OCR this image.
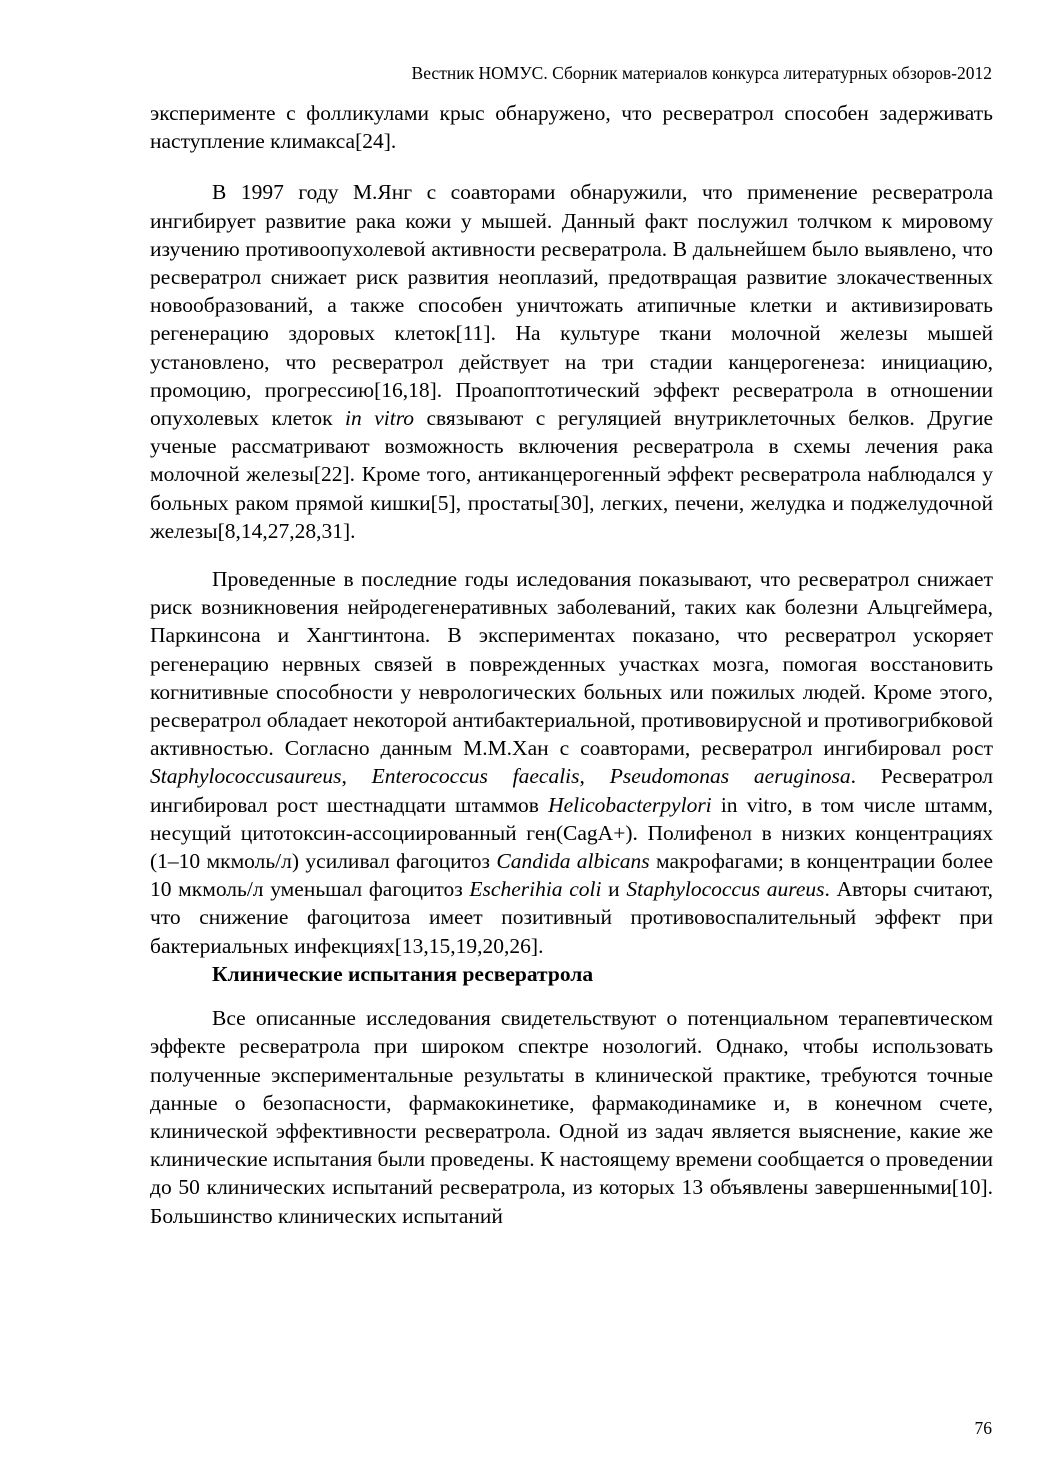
Вестник НОМУС. Сборник материалов конкурса литературных обзоров-2012

эксперименте с фолликулами крыс обнаружено, что ресвератрол способен задерживать наступление климакса[24].

В 1997 году М.Янг с соавторами обнаружили, что применение ресвератрола ингибирует развитие рака кожи у мышей. Данный факт послужил толчком к мировому изучению противоопухолевой активности ресвератрола. В дальнейшем было выявлено, что ресвератрол снижает риск развития неоплазий, предотвращая развитие злокачественных новообразований, а также способен уничтожать атипичные клетки и активизировать регенерацию здоровых клеток[11]. На культуре ткани молочной железы мышей установлено, что ресвератрол действует на три стадии канцерогенеза: инициацию, промоцию, прогрессию[16,18]. Проапоптотический эффект ресвератрола в отношении опухолевых клеток in vitro связывают с регуляцией внутриклеточных белков. Другие ученые рассматривают возможность включения ресвератрола в схемы лечения рака молочной железы[22]. Кроме того, антиканцерогенный эффект ресвератрола наблюдался у больных раком прямой кишки[5], простаты[30], легких, печени, желудка и поджелудочной железы[8,14,27,28,31].

Проведенные в последние годы иследования показывают, что ресвератрол снижает риск возникновения нейродегенеративных заболеваний, таких как болезни Альцгеймера, Паркинсона и Хангтинтона. В экспериментах показано, что ресвератрол ускоряет регенерацию нервных связей в поврежденных участках мозга, помогая восстановить когнитивные способности у неврологических больных или пожилых людей. Кроме этого, ресвератрол обладает некоторой антибактериальной, противовирусной и противогрибковой активностью. Согласно данным М.М.Хан с соавторами, ресвератрол ингибировал рост Staphylococcusaureus, Enterococcus faecalis, Pseudomonas aeruginosa. Ресвератрол ингибировал рост шестнадцати штаммов Helicobacterpylori in vitro, в том числе штамм, несущий цитотоксин-ассоциированный ген(CagA+). Полифенол в низких концентрациях (1–10 мкмоль/л) усиливал фагоцитоз Candida albicans макрофагами; в концентрации более 10 мкмоль/л уменьшал фагоцитоз Escherihia coli и Staphylococcus aureus. Авторы считают, что снижение фагоцитоза имеет позитивный противовоспалительный эффект при бактериальных инфекциях[13,15,19,20,26].

Клинические испытания ресвератрола

Все описанные исследования свидетельствуют о потенциальном терапевтическом эффекте ресвератрола при широком спектре нозологий. Однако, чтобы использовать полученные экспериментальные результаты в клинической практике, требуются точные данные о безопасности, фармакокинетике, фармакодинамике и, в конечном счете, клинической эффективности ресвератрола. Одной из задач является выяснение, какие же клинические испытания были проведены. К настоящему времени сообщается о проведении до 50 клинических испытаний ресвератрола, из которых 13 объявлены завершенными[10]. Большинство клинических испытаний

76
